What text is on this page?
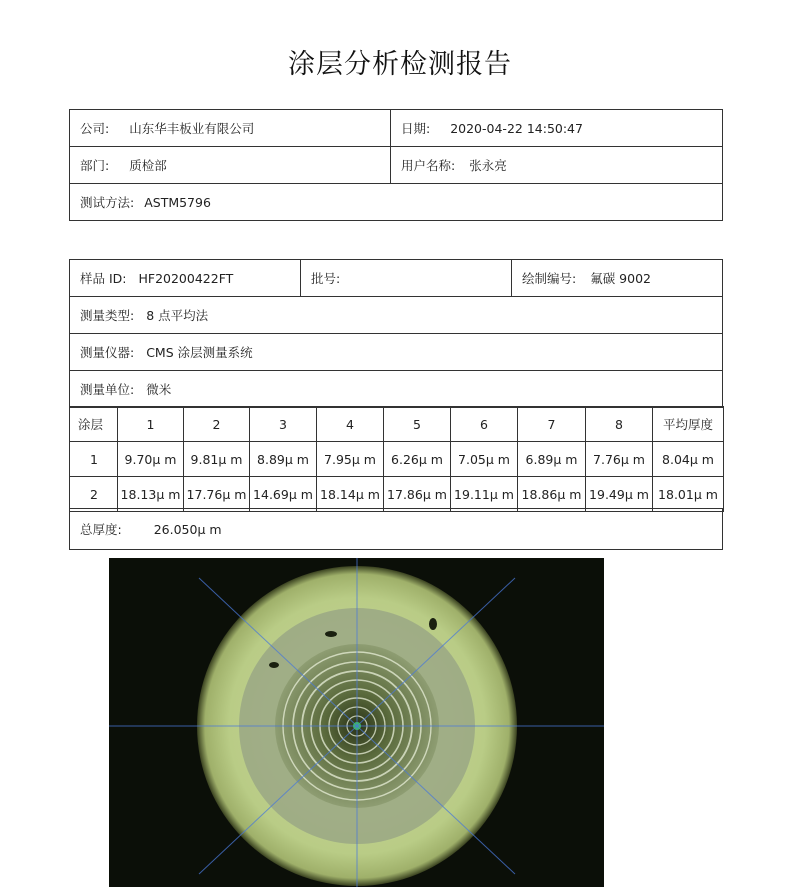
涂层分析检测报告
公司: 山东华丰板业有限公司	日期: 2020-04-22 14:50:47
部门: 质检部	用户名称: 张永亮
测试方法: ASTM5796	
样品 ID: HF20200422FT	批号:	绘制编号: 氟碳 9002
测量类型: 8 点平均法
测量仪器: CMS 涂层测量系统
测量单位: 微米
涂层	1	2	3	4	5	6	7	8	平均厚度
1	9.70μ m	9.81μ m	8.89μ m	7.95μ m	6.26μ m	7.05μ m	6.89μ m	7.76μ m	8.04μ m
2	18.13μ m	17.76μ m	14.69μ m	18.14μ m	17.86μ m	19.11μ m	18.86μ m	19.49μ m	18.01μ m
总厚度:	26.050μ m
